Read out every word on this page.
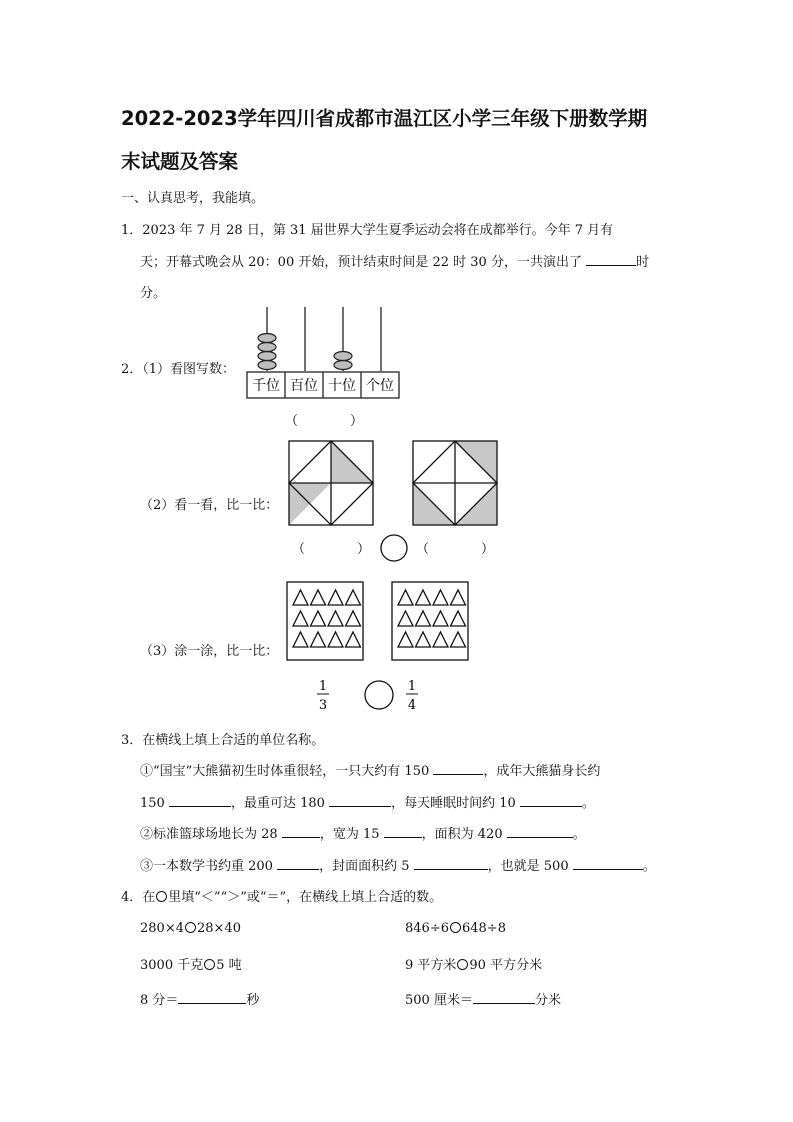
2022-2023学年四川省成都市温江区小学三年级下册数学期
末试题及答案
一、认真思考，我能填。
1．2023 年 7 月 28 日，第 31 届世界大学生夏季运动会将在成都举行。今年 7 月有
天；开幕式晚会从 20：00 开始，预计结束时间是 22 时 30 分，一共演出了	时
分。
2．（1）看图写数：
千位 百位 十位 个位
（　　　　）
（2）看一看，比一比：
（　　　　）	（　　　　）
（3）涂一涂，比一比：
1
3
1
4
3．在横线上填上合适的单位名称。
①“国宝”大熊猫初生时体重很轻，一只大约有 150	，成年大熊猫身长约
150	，最重可达 180	，每天睡眠时间约 10	。
②标准篮球场地长为 28	，宽为 15	，面积为 420	。
③一本数学书约重 200	，封面面积约 5	，也就是 500	。
4．在 里填“＜”“＞”或“＝”，在横线上填上合适的数。
280×4 28×40	846÷6 648÷8
3000 千克 5 吨	9 平方米 90 平方分米
8 分＝	秒	500 厘米＝	分米
